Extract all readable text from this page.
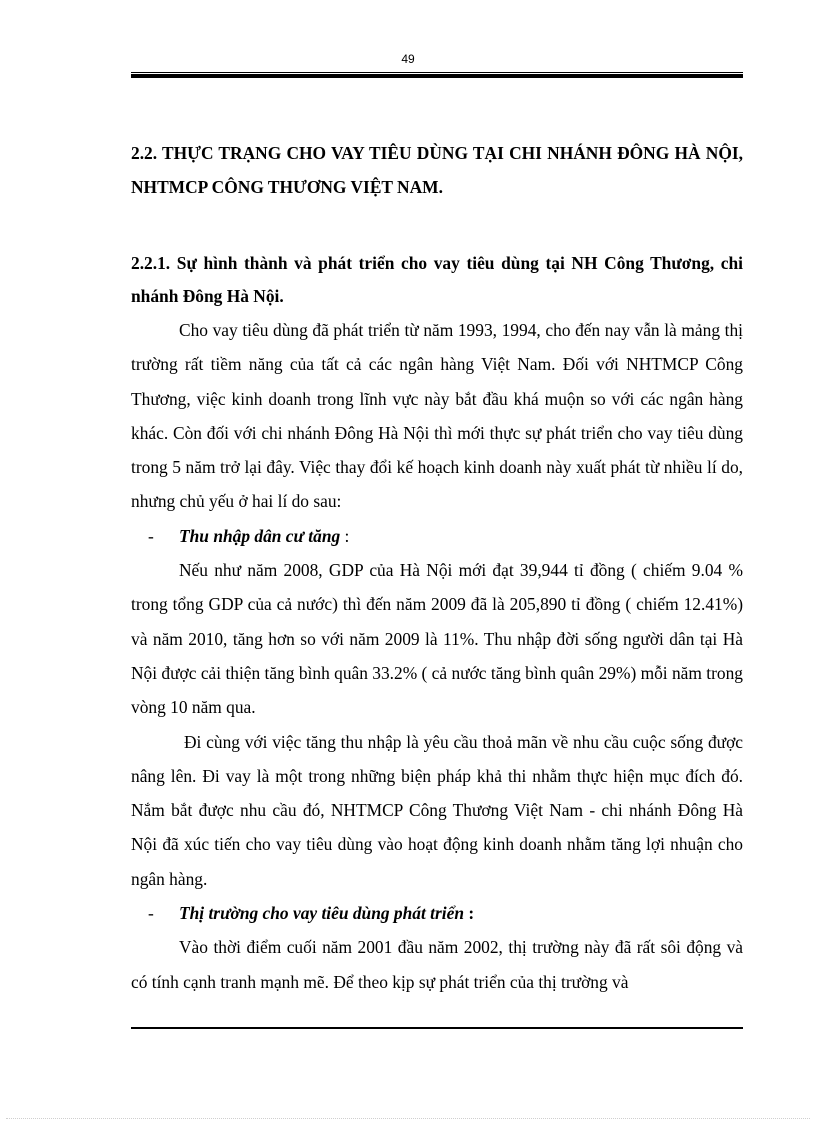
49

2.2. THỰC TRẠNG CHO VAY TIÊU DÙNG TẠI CHI NHÁNH ĐÔNG HÀ NỘI, NHTMCP CÔNG THƯƠNG VIỆT NAM.

2.2.1. Sự hình thành và phát triển cho vay tiêu dùng tại NH Công Thương, chi nhánh Đông Hà Nội.

Cho vay tiêu dùng đã phát triển từ năm 1993, 1994, cho đến nay vẫn là mảng thị trường rất tiềm năng của tất cả các ngân hàng Việt Nam. Đối với NHTMCP Công Thương, việc kinh doanh trong lĩnh vực này bắt đầu khá muộn so với các ngân hàng khác. Còn đối với chi nhánh Đông Hà Nội thì mới thực sự phát triển cho vay tiêu dùng trong 5 năm trở lại đây. Việc thay đổi kế hoạch kinh doanh này xuất phát từ nhiều lí do, nhưng chủ yếu ở hai lí do sau:

- Thu nhập dân cư tăng :

Nếu như năm 2008, GDP của Hà Nội mới đạt 39,944 tỉ đồng ( chiếm 9.04 % trong tổng GDP của cả nước) thì đến năm 2009 đã là 205,890 tỉ đồng ( chiếm 12.41%) và năm 2010, tăng hơn so với năm 2009 là 11%. Thu nhập đời sống người dân tại Hà Nội được cải thiện tăng bình quân 33.2% ( cả nước tăng bình quân 29%) mỗi năm trong vòng 10 năm qua.

Đi cùng với việc tăng thu nhập là yêu cầu thoả mãn về nhu cầu cuộc sống được nâng lên. Đi vay là một trong những biện pháp khả thi nhằm thực hiện mục đích đó. Nắm bắt được nhu cầu đó, NHTMCP Công Thương Việt Nam - chi nhánh Đông Hà Nội đã xúc tiến cho vay tiêu dùng vào hoạt động kinh doanh nhằm tăng lợi nhuận cho ngân hàng.

- Thị trường cho vay tiêu dùng phát triển :

Vào thời điểm cuối năm 2001 đầu năm 2002, thị trường này đã rất sôi động và có tính cạnh tranh mạnh mẽ. Để theo kịp sự phát triển của thị trường và
